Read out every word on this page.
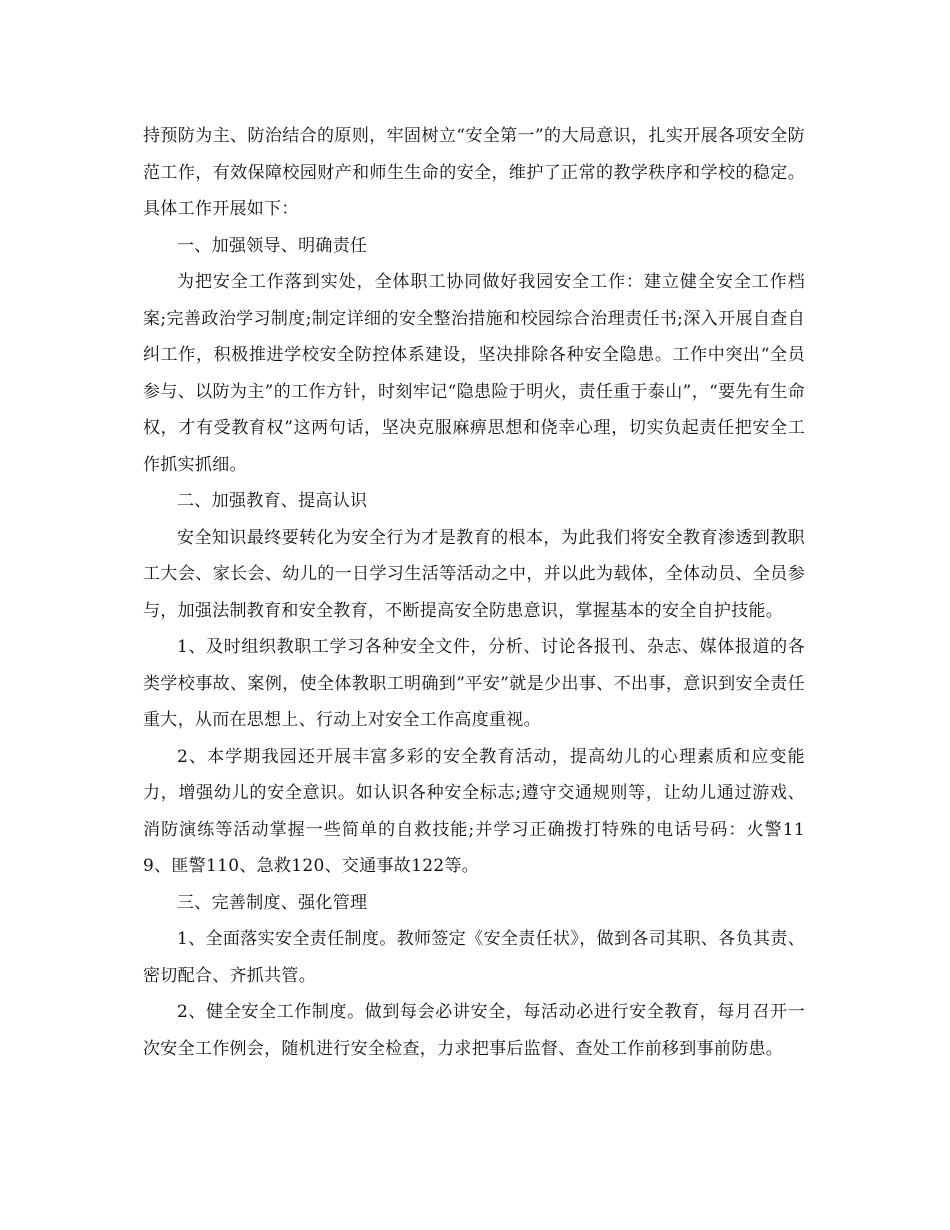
持预防为主、防治结合的原则，牢固树立“安全第一”的大局意识，扎实开展各项安全防范工作，有效保障校园财产和师生生命的安全，维护了正常的教学秩序和学校的稳定。具体工作开展如下：

一、加强领导、明确责任

为把安全工作落到实处，全体职工协同做好我园安全工作：建立健全安全工作档案;完善政治学习制度;制定详细的安全整治措施和校园综合治理责任书;深入开展自查自纠工作，积极推进学校安全防控体系建设，坚决排除各种安全隐患。工作中突出“全员参与、以防为主”的工作方针，时刻牢记“隐患险于明火，责任重于泰山”，“要先有生命权，才有受教育权”这两句话，坚决克服麻痹思想和侥幸心理，切实负起责任把安全工作抓实抓细。

二、加强教育、提高认识

安全知识最终要转化为安全行为才是教育的根本，为此我们将安全教育渗透到教职工大会、家长会、幼儿的一日学习生活等活动之中，并以此为载体，全体动员、全员参与，加强法制教育和安全教育，不断提高安全防患意识，掌握基本的安全自护技能。

1、及时组织教职工学习各种安全文件，分析、讨论各报刊、杂志、媒体报道的各类学校事故、案例，使全体教职工明确到”平安”就是少出事、不出事，意识到安全责任重大，从而在思想上、行动上对安全工作高度重视。

2、本学期我园还开展丰富多彩的安全教育活动，提高幼儿的心理素质和应变能力，增强幼儿的安全意识。如认识各种安全标志;遵守交通规则等，让幼儿通过游戏、消防演练等活动掌握一些简单的自救技能;并学习正确拨打特殊的电话号码：火警119、匪警110、急救120、交通事故122等。

三、完善制度、强化管理

1、全面落实安全责任制度。教师签定《安全责任状》，做到各司其职、各负其责、密切配合、齐抓共管。

2、健全安全工作制度。做到每会必讲安全，每活动必进行安全教育，每月召开一次安全工作例会，随机进行安全检查，力求把事后监督、查处工作前移到事前防患。
